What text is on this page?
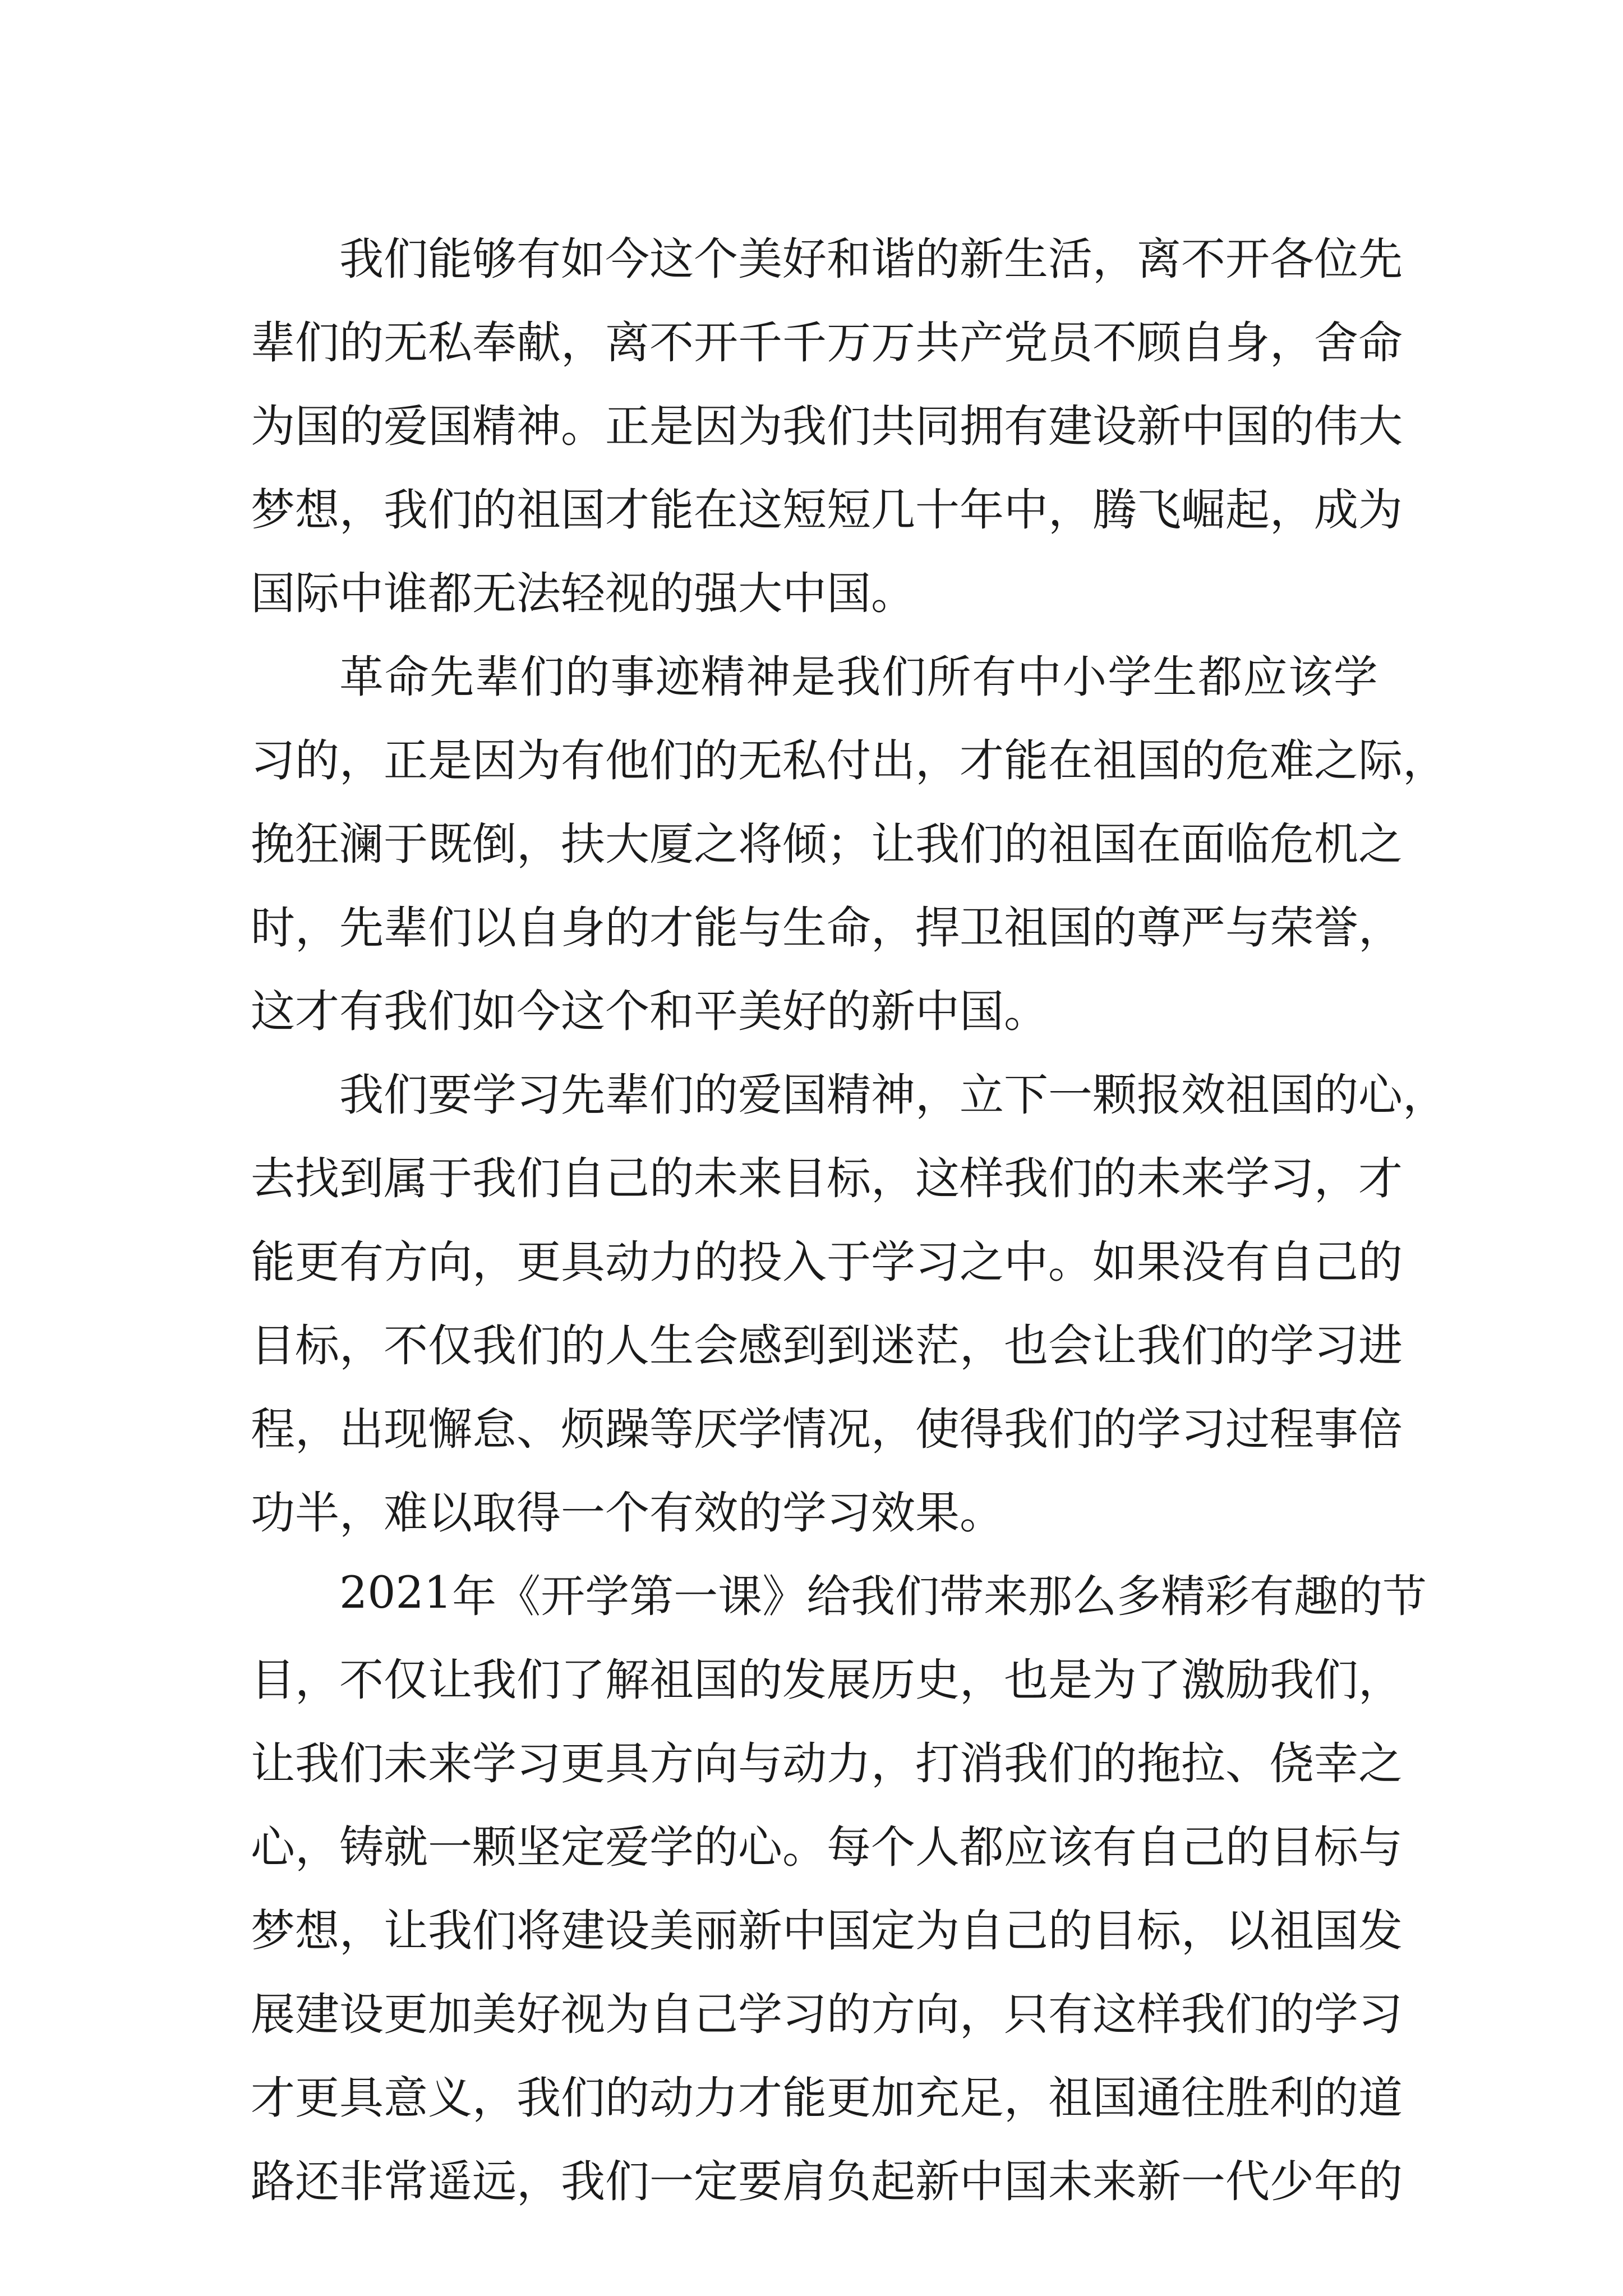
我 们 能 够 有 如 今 这 个 美 好 和 谐 的 新 生 活 ， 离 不 开 各 位 先
辈 们 的 无 私 奉 献 ， 离 不 开 千 千 万 万 共 产 党 员 不 顾 自 身 ， 舍 命
为 国 的 爱 国 精 神 。 正 是 因 为 我 们 共 同 拥 有 建 设 新 中 国 的 伟 大
梦 想 ， 我 们 的 祖 国 才 能 在 这 短 短 几 十 年 中 ， 腾 飞 崛 起 ， 成 为
国际中谁都无法轻视的强大中国。
革 命 先 辈 们 的 事 迹 精 神 是 我 们 所 有 中 小 学 生 都 应 该 学
习 的 ， 正 是 因 为 有 他 们 的 无 私 付 出 ， 才 能 在 祖 国 的 危 难 之 际 ，
挽 狂 澜 于 既 倒 ， 扶 大 厦 之 将 倾 ； 让 我 们 的 祖 国 在 面 临 危 机 之
时 ， 先 辈 们 以 自 身 的 才 能 与 生 命 ， 捍 卫 祖 国 的 尊 严 与 荣 誉 ，
这才有我们如今这个和平美好的新中国。
我 们 要 学 习 先 辈 们 的 爱 国 精 神 ， 立 下 一 颗 报 效 祖 国 的 心 ，
去 找 到 属 于 我 们 自 己 的 未 来 目 标 ， 这 样 我 们 的 未 来 学 习 ， 才
能 更 有 方 向 ， 更 具 动 力 的 投 入 于 学 习 之 中 。 如 果 没 有 自 己 的
目 标 ， 不 仅 我 们 的 人 生 会 感 到 到 迷 茫 ， 也 会 让 我 们 的 学 习 进
程 ， 出 现 懈 怠 、 烦 躁 等 厌 学 情 况 ， 使 得 我 们 的 学 习 过 程 事 倍
功半，难以取得一个有效的学习效果。
2021 年 《 开 学 第 一 课 》 给 我 们 带 来 那 么 多 精 彩 有 趣 的 节
目 ， 不 仅 让 我 们 了 解 祖 国 的 发 展 历 史 ， 也 是 为 了 激 励 我 们 ，
让 我 们 未 来 学 习 更 具 方 向 与 动 力 ， 打 消 我 们 的 拖 拉 、 侥 幸 之
心 ， 铸 就 一 颗 坚 定 爱 学 的 心 。 每 个 人 都 应 该 有 自 己 的 目 标 与
梦 想 ， 让 我 们 将 建 设 美 丽 新 中 国 定 为 自 己 的 目 标 ， 以 祖 国 发
展 建 设 更 加 美 好 视 为 自 己 学 习 的 方 向 ， 只 有 这 样 我 们 的 学 习
才 更 具 意 义 ， 我 们 的 动 力 才 能 更 加 充 足 ， 祖 国 通 往 胜 利 的 道
路 还 非 常 遥 远 ， 我 们 一 定 要 肩 负 起 新 中 国 未 来 新 一 代 少 年 的
